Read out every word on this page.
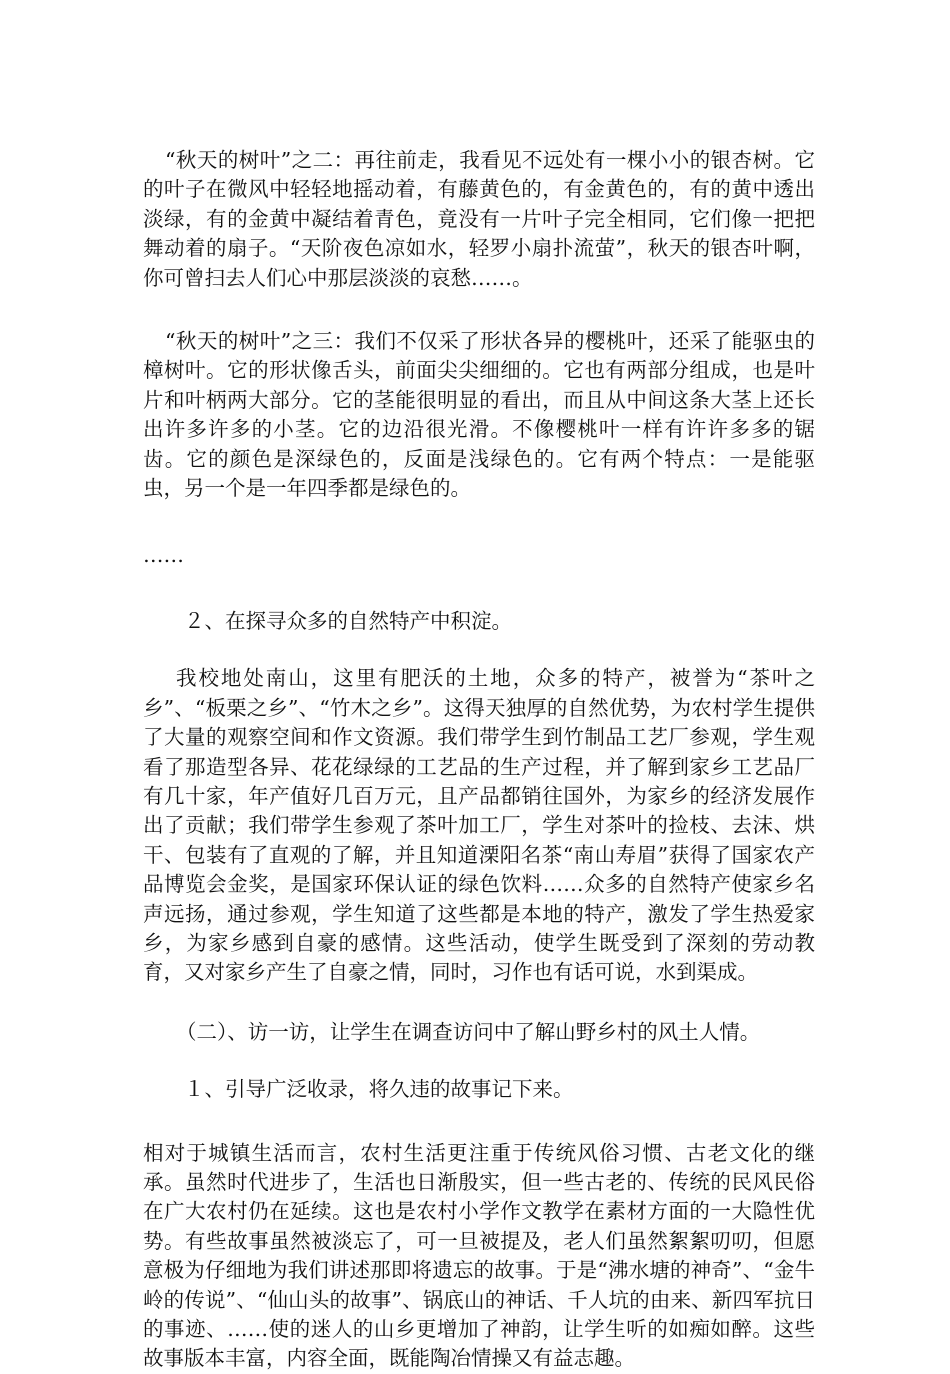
“秋天的树叶”之二：再往前走，我看见不远处有一棵小小的银杏树。它的叶子在微风中轻轻地摇动着，有藤黄色的，有金黄色的，有的黄中透出淡绿，有的金黄中凝结着青色，竟没有一片叶子完全相同，它们像一把把舞动着的扇子。“天阶夜色凉如水，轻罗小扇扑流萤”，秋天的银杏叶啊，你可曾扫去人们心中那层淡淡的哀愁……。

“秋天的树叶”之三：我们不仅采了形状各异的樱桃叶，还采了能驱虫的樟树叶。它的形状像舌头，前面尖尖细细的。它也有两部分组成，也是叶片和叶柄两大部分。它的茎能很明显的看出，而且从中间这条大茎上还长出许多许多的小茎。它的边沿很光滑。不像樱桃叶一样有许许多多的锯齿。它的颜色是深绿色的，反面是浅绿色的。它有两个特点：一是能驱虫，另一个是一年四季都是绿色的。

……

２、在探寻众多的自然特产中积淀。

我校地处南山，这里有肥沃的土地，众多的特产，被誉为“茶叶之乡”、“板栗之乡”、“竹木之乡”。这得天独厚的自然优势，为农村学生提供了大量的观察空间和作文资源。我们带学生到竹制品工艺厂参观，学生观看了那造型各异、花花绿绿的工艺品的生产过程，并了解到家乡工艺品厂有几十家，年产值好几百万元，且产品都销往国外，为家乡的经济发展作出了贡献；我们带学生参观了茶叶加工厂，学生对茶叶的捡枝、去沫、烘干、包装有了直观的了解，并且知道溧阳名茶“南山寿眉”获得了国家农产品博览会金奖，是国家环保认证的绿色饮料……众多的自然特产使家乡名声远扬，通过参观，学生知道了这些都是本地的特产，激发了学生热爱家乡，为家乡感到自豪的感情。这些活动，使学生既受到了深刻的劳动教育，又对家乡产生了自豪之情，同时，习作也有话可说，水到渠成。

（二）、访一访，让学生在调查访问中了解山野乡村的风土人情。

１、引导广泛收录，将久违的故事记下来。

相对于城镇生活而言，农村生活更注重于传统风俗习惯、古老文化的继承。虽然时代进步了，生活也日渐殷实，但一些古老的、传统的民风民俗在广大农村仍在延续。这也是农村小学作文教学在素材方面的一大隐性优势。有些故事虽然被淡忘了，可一旦被提及，老人们虽然絮絮叨叨，但愿意极为仔细地为我们讲述那即将遗忘的故事。于是“沸水塘的神奇”、“金牛岭的传说”、“仙山头的故事”、锅底山的神话、千人坑的由来、新四军抗日的事迹、……使的迷人的山乡更增加了神韵，让学生听的如痴如醉。这些故事版本丰富，内容全面，既能陶冶情操又有益志趣。
